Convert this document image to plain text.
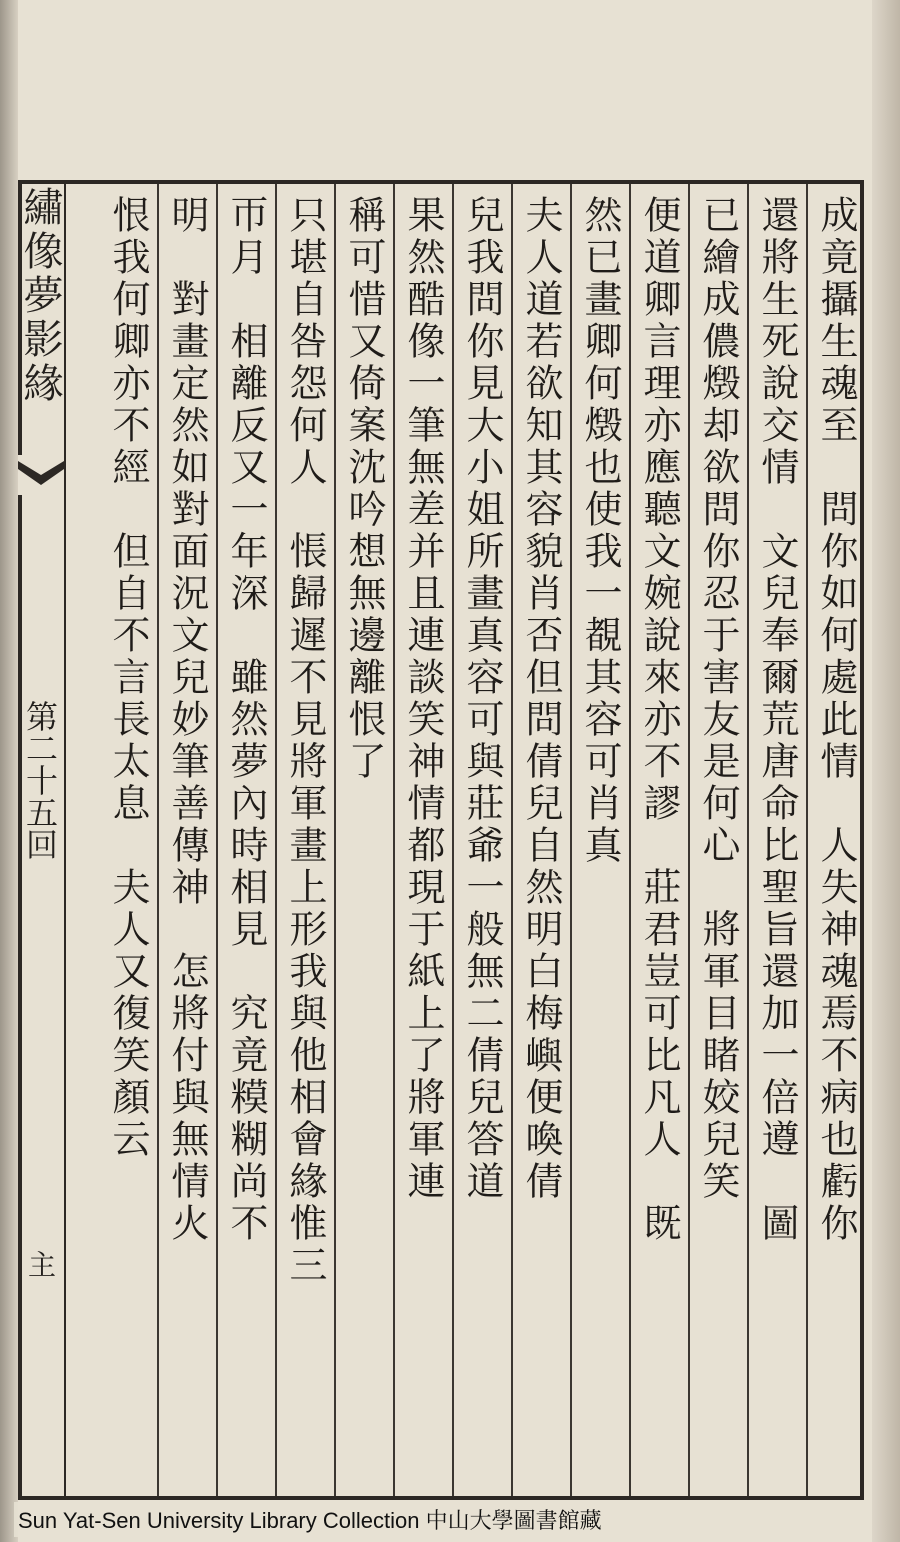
繡像夢影緣
第二十五回
主
成竟攝生魂至　問你如何處此情　人失神魂焉不病也虧你
還將生死說交情　文兒奉爾荒唐命比聖旨還加一倍遵　圖
已繪成儂燬却欲問你忍于害友是何心　將軍目睹姣兒笑
便道卿言理亦應聽文婉說來亦不謬　莊君豈可比凡人　既
然已畫卿何燬也使我一覩其容可肖真
夫人道若欲知其容貌肖否但問倩兒自然明白梅嶼便喚倩
兒我問你見大小姐所畫真容可與莊爺一般無二倩兒答道
果然酷像一筆無差并且連談笑神情都現于紙上了將軍連
稱可惜又倚案沈吟想無邊離恨了
只堪自咎怨何人　悵歸遲不見將軍畫上形我與他相會緣惟三
帀月　相離反又一年深　雖然夢內時相見　究竟糢糊尚不
明　對畫定然如對面況文兒妙筆善傳神　怎將付與無情火
恨我何卿亦不經　但自不言長太息　夫人又復笑顏云
Sun Yat-Sen University Library Collection 中山大學圖書館藏
